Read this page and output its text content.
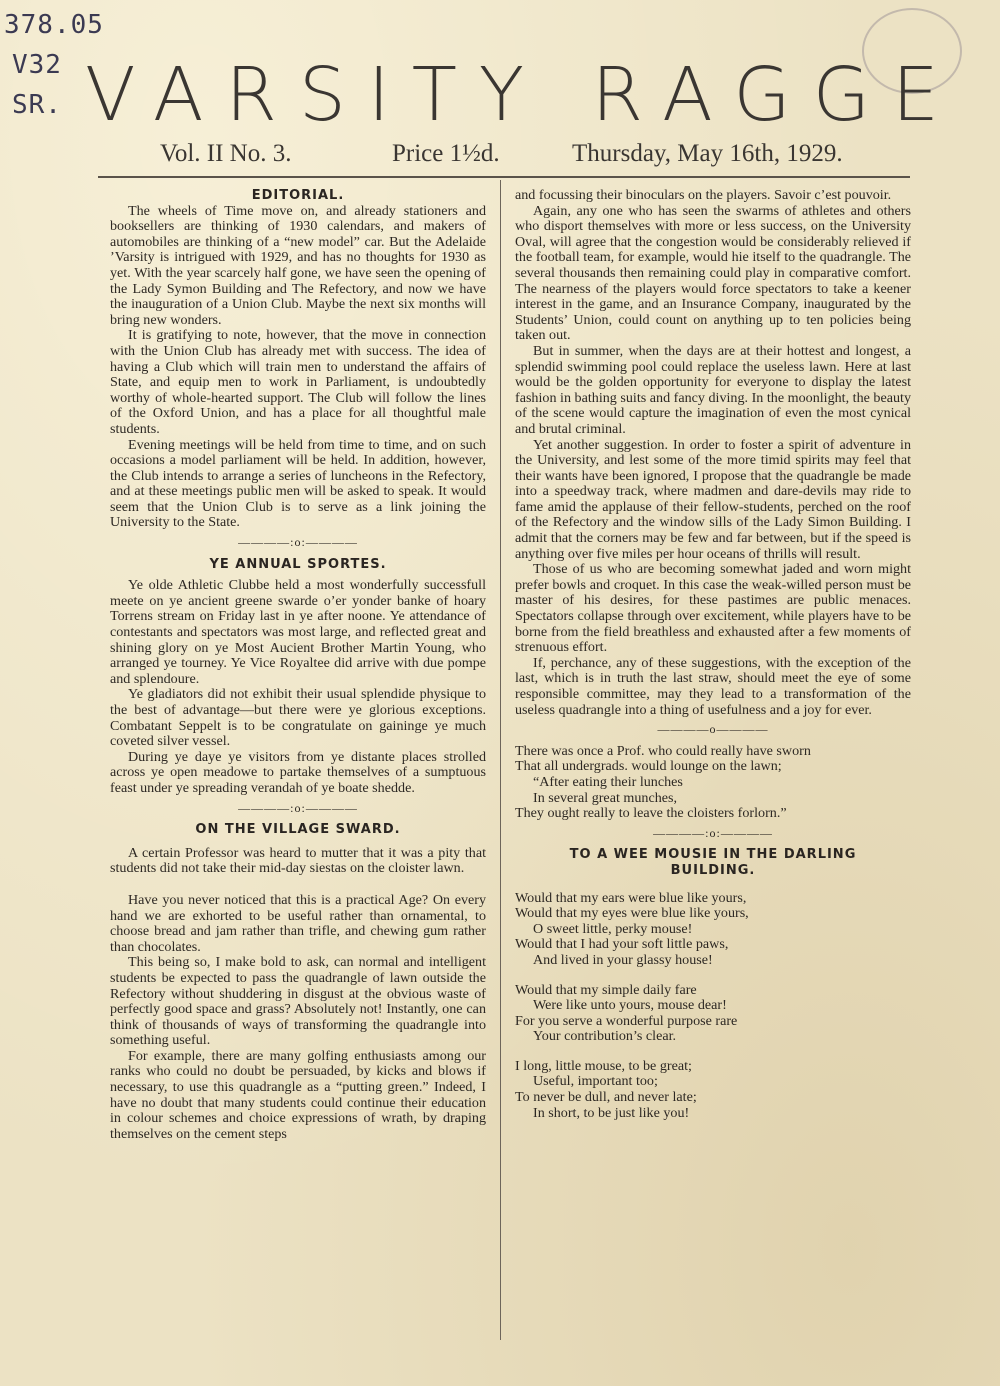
378.05
V32
SR. VARSITY RAGGE
Vol. II No. 3.	Price 1½d.	Thursday, May 16th, 1929.
EDITORIAL.

The wheels of Time move on, and already stationers and booksellers are thinking of 1930 calendars, and makers of automobiles are thinking of a “new model” car. But the Adelaide ’Varsity is intrigued with 1929, and has no thoughts for 1930 as yet. With the year scarcely half gone, we have seen the opening of the Lady Symon Building and The Refectory, and now we have the inauguration of a Union Club. Maybe the next six months will bring new wonders.

It is gratifying to note, however, that the move in connection with the Union Club has already met with success. The idea of having a Club which will train men to understand the affairs of State, and equip men to work in Parliament, is undoubtedly worthy of whole-hearted support. The Club will follow the lines of the Oxford Union, and has a place for all thoughtful male students.

Evening meetings will be held from time to time, and on such occasions a model parliament will be held. In addition, however, the Club intends to arrange a series of luncheons in the Refectory, and at these meetings public men will be asked to speak. It would seem that the Union Club is to serve as a link joining the University to the State.

————:o:————
YE ANNUAL SPORTES.

Ye olde Athletic Clubbe held a most wonderfully successfull meete on ye ancient greene swarde o’er yonder banke of hoary Torrens stream on Friday last in ye after noone. Ye attendance of contestants and spectators was most large, and reflected great and shining glory on ye Most Aucient Brother Martin Young, who arranged ye tourney. Ye Vice Royaltee did arrive with due pompe and splendoure.

Ye gladiators did not exhibit their usual splendide physique to the best of advantage—but there were ye glorious exceptions. Combatant Seppelt is to be congratulate on gaininge ye much coveted silver vessel.

During ye daye ye visitors from ye distante places strolled across ye open meadowe to partake themselves of a sumptuous feast under ye spreading verandah of ye boate shedde.

————:o:————
ON THE VILLAGE SWARD.

A certain Professor was heard to mutter that it was a pity that students did not take their mid-day siestas on the cloister lawn.

Have you never noticed that this is a practical Age? On every hand we are exhorted to be useful rather than ornamental, to choose bread and jam rather than trifle, and chewing gum rather than chocolates.

This being so, I make bold to ask, can normal and intelligent students be expected to pass the quadrangle of lawn outside the Refectory without shuddering in disgust at the obvious waste of perfectly good space and grass? Absolutely not! Instantly, one can think of thousands of ways of transforming the quadrangle into something useful.

For example, there are many golfing enthusiasts among our ranks who could no doubt be persuaded, by kicks and blows if necessary, to use this quadrangle as a “putting green.” Indeed, I have no doubt that many students could continue their education in colour schemes and choice expressions of wrath, by draping themselves on the cement steps

and focussing their binoculars on the players. Savoir c’est pouvoir.

Again, any one who has seen the swarms of athletes and others who disport themselves with more or less success, on the University Oval, will agree that the congestion would be considerably relieved if the football team, for example, would hie itself to the quadrangle. The several thousands then remaining could play in comparative comfort. The nearness of the players would force spectators to take a keener interest in the game, and an Insurance Company, inaugurated by the Students’ Union, could count on anything up to ten policies being taken out.

But in summer, when the days are at their hottest and longest, a splendid swimming pool could replace the useless lawn. Here at last would be the golden opportunity for everyone to display the latest fashion in bathing suits and fancy diving. In the moonlight, the beauty of the scene would capture the imagination of even the most cynical and brutal criminal.

Yet another suggestion. In order to foster a spirit of adventure in the University, and lest some of the more timid spirits may feel that their wants have been ignored, I propose that the quadrangle be made into a speedway track, where madmen and dare-devils may ride to fame amid the applause of their fellow-students, perched on the roof of the Refectory and the window sills of the Lady Simon Building. I admit that the corners may be few and far between, but if the speed is anything over five miles per hour oceans of thrills will result.

Those of us who are becoming somewhat jaded and worn might prefer bowls and croquet. In this case the weak-willed person must be master of his desires, for these pastimes are public menaces. Spectators collapse through over excitement, while players have to be borne from the field breathless and exhausted after a few moments of strenuous effort.

If, perchance, any of these suggestions, with the exception of the last, which is in truth the last straw, should meet the eye of some responsible committee, may they lead to a transformation of the useless quadrangle into a thing of usefulness and a joy for ever.

————o————

There was once a Prof. who could really have sworn

That all undergrads. would lounge on the lawn;

“After eating their lunches

In several great munches,

They ought really to leave the cloisters forlorn.”

————:o:————
TO A WEE MOUSIE IN THE DARLING BUILDING.

Would that my ears were blue like yours,

Would that my eyes were blue like yours,

O sweet little, perky mouse!

Would that I had your soft little paws,

And lived in your glassy house!

Would that my simple daily fare

Were like unto yours, mouse dear!

For you serve a wonderful purpose rare

Your contribution’s clear.

I long, little mouse, to be great;

Useful, important too;

To never be dull, and never late;

In short, to be just like you!
